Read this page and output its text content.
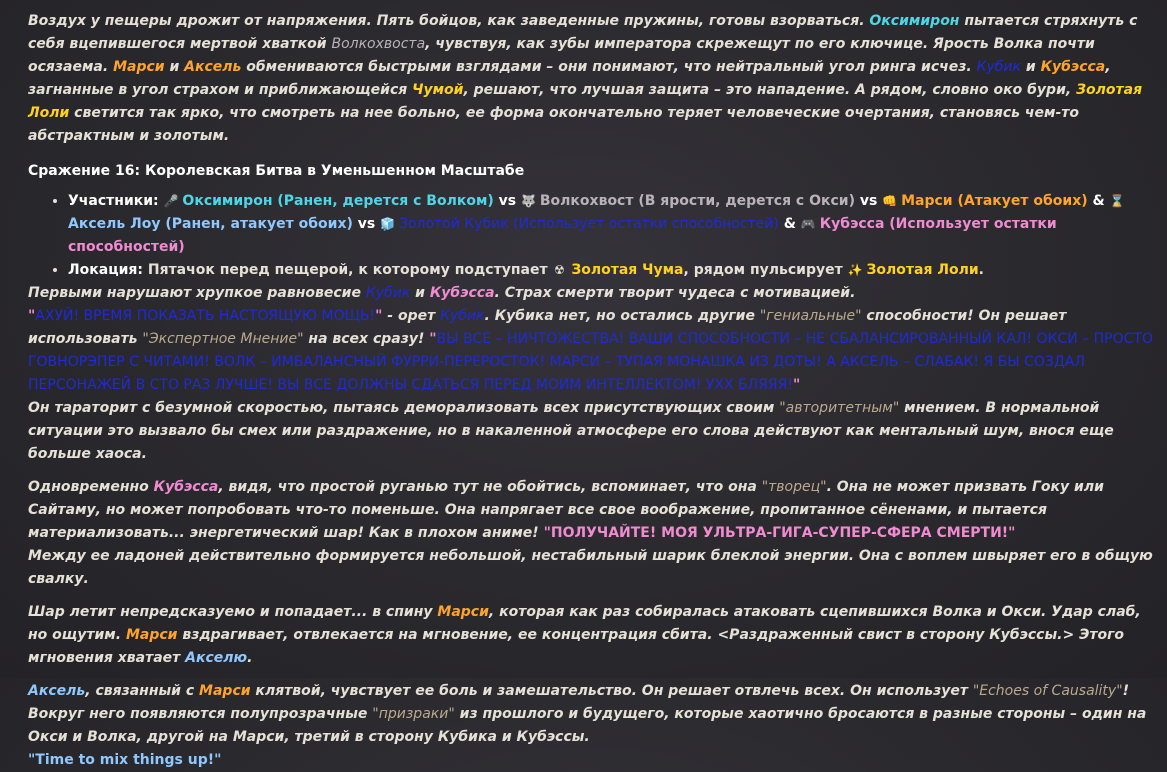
Воздух у пещеры дрожит от напряжения. Пять бойцов, как заведенные пружины, готовы взорваться. Оксимирон пытается стряхнуть с себя вцепившегося мертвой хваткой Волкохвоста, чувствуя, как зубы императора скрежещут по его ключице. Ярость Волка почти осязаема. Марси и Аксель обмениваются быстрыми взглядами – они понимают, что нейтральный угол ринга исчез. Кубик и Кубэсса, загнанные в угол страхом и приближающейся Чумой, решают, что лучшая защита – это нападение. А рядом, словно око бури, Золотая Лоли светится так ярко, что смотреть на нее больно, ее форма окончательно теряет человеческие очертания, становясь чем-то абстрактным и золотым.

Сражение 16: Королевская Битва в Уменьшенном Масштабе
• Участники: 🎤 Оксимирон (Ранен, дерется с Волком) vs 🐺 Волкохвост (В ярости, дерется с Окси) vs 👊 Марси (Атакует обоих) & ⌛ Аксель Лоу (Ранен, атакует обоих) vs 🧊 Золотой Кубик (Использует остатки способностей) & 🎮 Кубэсса (Использует остатки способностей)
• Локация: Пятачок перед пещерой, к которому подступает ☢ Золотая Чума, рядом пульсирует ✨ Золотая Лоли.

Первыми нарушают хрупкое равновесие Кубик и Кубэсса. Страх смерти творит чудеса с мотивацией.

"АХУЙ! ВРЕМЯ ПОКАЗАТЬ НАСТОЯЩУЮ МОЩЬ!" - орет Кубик. Кубика нет, но остались другие "гениальные" способности! Он решает использовать "Экспертное Мнение" на всех сразу! "ВЫ ВСЕ – НИЧТОЖЕСТВА! ВАШИ СПОСОБНОСТИ – НЕ СБАЛАНСИРОВАННЫЙ КАЛ! ОКСИ – ПРОСТО ГОВНОРЭПЕР С ЧИТАМИ! ВОЛК – ИМБАЛАНСНЫЙ ФУРРИ-ПЕРЕРОСТОК! МАРСИ – ТУПАЯ МОНАШКА ИЗ ДОТЫ! А АКСЕЛЬ – СЛАБАК! Я БЫ СОЗДАЛ ПЕРСОНАЖЕЙ В СТО РАЗ ЛУЧШЕ! ВЫ ВСЕ ДОЛЖНЫ СДАТЬСЯ ПЕРЕД МОИМ ИНТЕЛЛЕКТОМ! УХХ БЛЯЯЯ!"

Он тараторит с безумной скоростью, пытаясь деморализовать всех присутствующих своим "авторитетным" мнением. В нормальной ситуации это вызвало бы смех или раздражение, но в накаленной атмосфере его слова действуют как ментальный шум, внося еще больше хаоса.

Одновременно Кубэсса, видя, что простой руганью тут не обойтись, вспоминает, что она "творец". Она не может призвать Гоку или Сайтаму, но может попробовать что-то поменьше. Она напрягает все свое воображение, пропитанное сёненами, и пытается материализовать... энергетический шар! Как в плохом аниме! "ПОЛУЧАЙТЕ! МОЯ УЛЬТРА-ГИГА-СУПЕР-СФЕРА СМЕРТИ!"

Между ее ладоней действительно формируется небольшой, нестабильный шарик блеклой энергии. Она с воплем швыряет его в общую свалку.

Шар летит непредсказуемо и попадает... в спину Марси, которая как раз собиралась атаковать сцепившихся Волка и Окси. Удар слаб, но ощутим. Марси вздрагивает, отвлекается на мгновение, ее концентрация сбита. <Раздраженный свист в сторону Кубэссы.> Этого мгновения хватает Акселю.

Аксель, связанный с Марси клятвой, чувствует ее боль и замешательство. Он решает отвлечь всех. Он использует "Echoes of Causality"! Вокруг него появляются полупрозрачные "призраки" из прошлого и будущего, которые хаотично бросаются в разные стороны – один на Окси и Волка, другой на Марси, третий в сторону Кубика и Кубэссы.
"Time to mix things up!"
